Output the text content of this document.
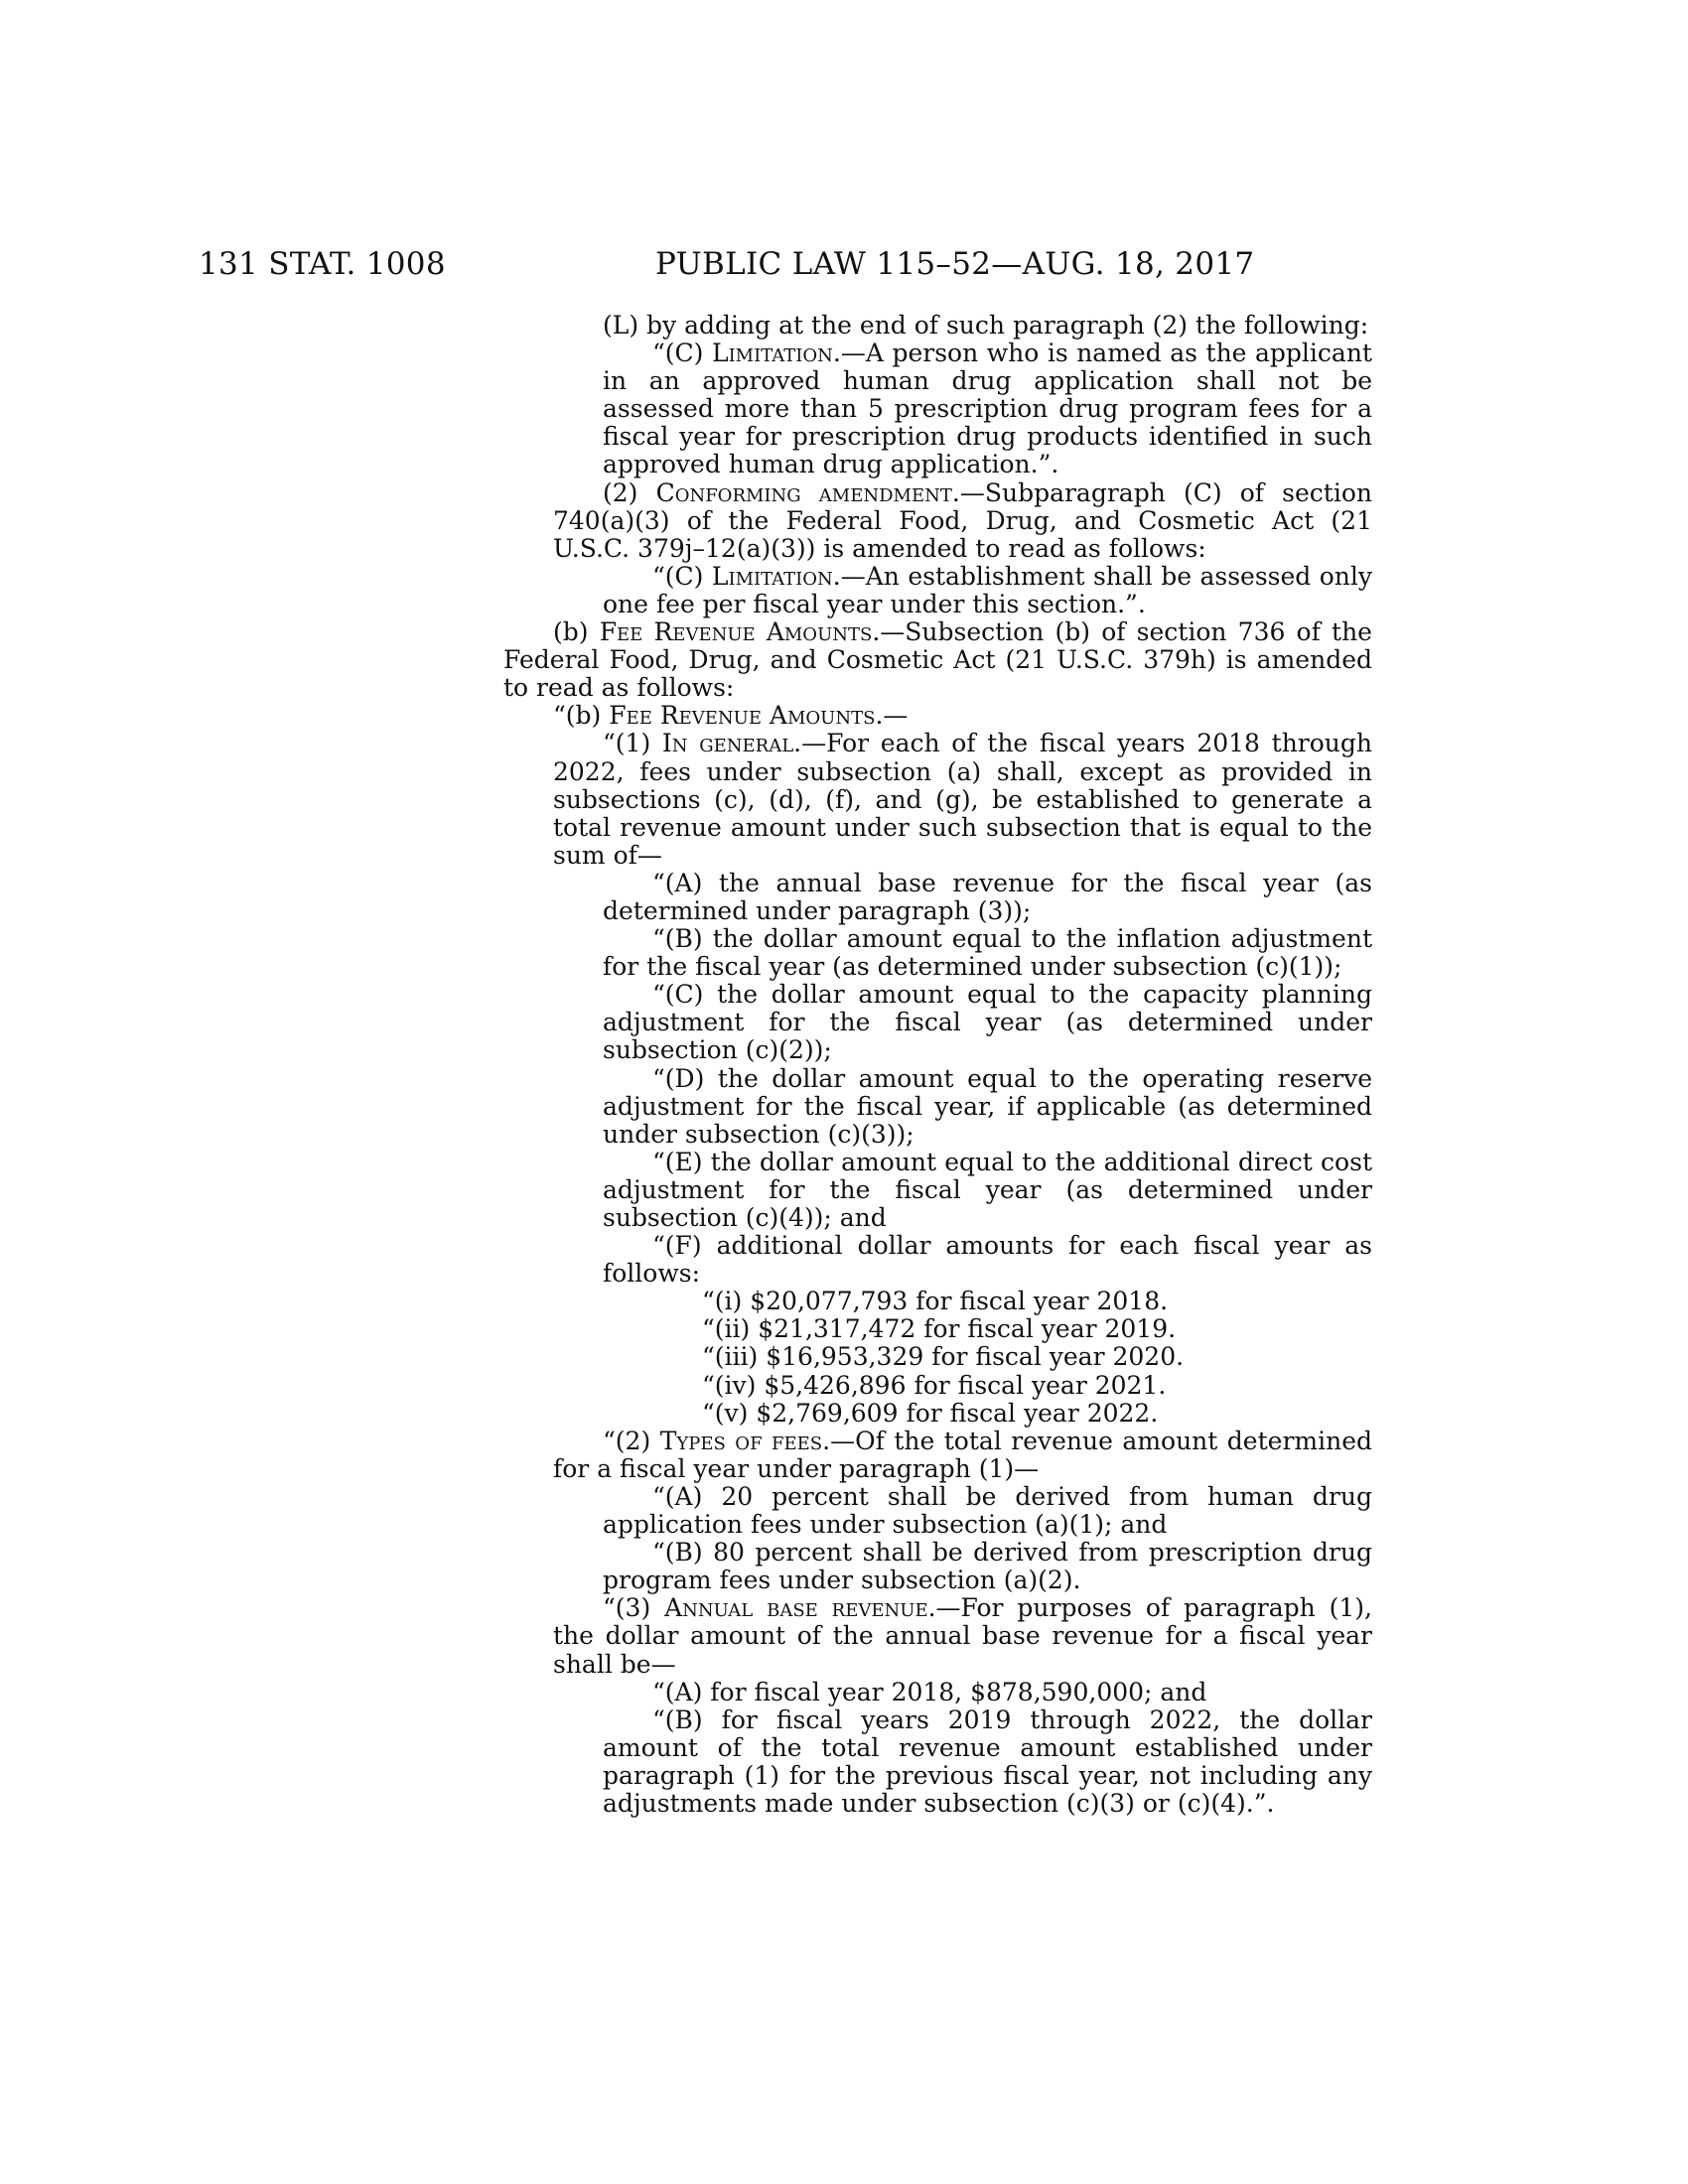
131 STAT. 1008	PUBLIC LAW 115–52—AUG. 18, 2017
(L) by adding at the end of such paragraph (2) the following:
“(C) Limitation.—A person who is named as the applicant in an approved human drug application shall not be assessed more than 5 prescription drug program fees for a fiscal year for prescription drug products identified in such approved human drug application.”.
(2) Conforming amendment.—Subparagraph (C) of section 740(a)(3) of the Federal Food, Drug, and Cosmetic Act (21 U.S.C. 379j–12(a)(3)) is amended to read as follows:
“(C) Limitation.—An establishment shall be assessed only one fee per fiscal year under this section.”.
(b) Fee Revenue Amounts.—Subsection (b) of section 736 of the Federal Food, Drug, and Cosmetic Act (21 U.S.C. 379h) is amended to read as follows:
“(b) Fee Revenue Amounts.—
“(1) In general.—For each of the fiscal years 2018 through 2022, fees under subsection (a) shall, except as provided in subsections (c), (d), (f), and (g), be established to generate a total revenue amount under such subsection that is equal to the sum of—
“(A) the annual base revenue for the fiscal year (as determined under paragraph (3));
“(B) the dollar amount equal to the inflation adjustment for the fiscal year (as determined under subsection (c)(1));
“(C) the dollar amount equal to the capacity planning adjustment for the fiscal year (as determined under subsection (c)(2));
“(D) the dollar amount equal to the operating reserve adjustment for the fiscal year, if applicable (as determined under subsection (c)(3));
“(E) the dollar amount equal to the additional direct cost adjustment for the fiscal year (as determined under subsection (c)(4)); and
“(F) additional dollar amounts for each fiscal year as follows:
“(i) $20,077,793 for fiscal year 2018.
“(ii) $21,317,472 for fiscal year 2019.
“(iii) $16,953,329 for fiscal year 2020.
“(iv) $5,426,896 for fiscal year 2021.
“(v) $2,769,609 for fiscal year 2022.
“(2) Types of fees.—Of the total revenue amount determined for a fiscal year under paragraph (1)—
“(A) 20 percent shall be derived from human drug application fees under subsection (a)(1); and
“(B) 80 percent shall be derived from prescription drug program fees under subsection (a)(2).
“(3) Annual base revenue.—For purposes of paragraph (1), the dollar amount of the annual base revenue for a fiscal year shall be—
“(A) for fiscal year 2018, $878,590,000; and
“(B) for fiscal years 2019 through 2022, the dollar amount of the total revenue amount established under paragraph (1) for the previous fiscal year, not including any adjustments made under subsection (c)(3) or (c)(4).”.
